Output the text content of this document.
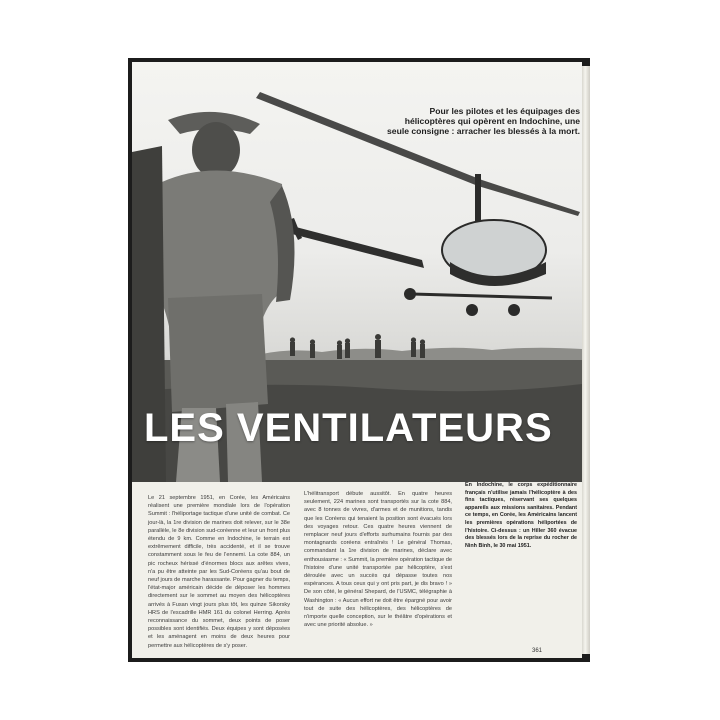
Pour les pilotes et les équipages des hélicoptères qui opèrent en Indochine, une seule consigne : arracher les blessés à la mort.
LES VENTILATEURS

Le 21 septembre 1951, en Corée, les Américains réalisent une première mondiale lors de l'opération Summit : l'héliportage tactique d'une unité de combat. Ce jour-là, la 1re division de marines doit relever, sur le 38e parallèle, le 8e division sud-coréenne et leur un front plus étendu de 9 km. Comme en Indochine, le terrain est extrêmement difficile, très accidenté, et il se trouve constamment sous le feu de l'ennemi. La cote 884, un pic rocheux hérissé d'énormes blocs aux arêtes vives, n'a pu être atteinte par les Sud-Coréens qu'au bout de neuf jours de marche harassante. Pour gagner du temps, l'état-major américain décide de déposer les hommes directement sur le sommet au moyen des hélicoptères arrivés à Fusan vingt jours plus tôt, les quinze Sikorsky HRS de l'escadrille HMR 161 du colonel Herring. Après reconnaissance du sommet, deux points de poser possibles sont identifiés. Deux équipes y sont déposées et les aménagent en moins de deux heures pour permettre aux hélicoptères de s'y poser.

L'hélitransport débute aussitôt. En quatre heures seulement, 224 marines sont transportés sur la cote 884, avec 8 tonnes de vivres, d'armes et de munitions, tandis que les Coréens qui tenaient la position sont évacués lors des voyages retour. Ces quatre heures viennent de remplacer neuf jours d'efforts surhumains fournis par des montagnards coréens entraînés ! Le général Thomas, commandant la 1re division de marines, déclare avec enthousiasme : « Summit, la première opération tactique de l'histoire d'une unité transportée par hélicoptère, s'est déroulée avec un succès qui dépasse toutes nos espérances. A tous ceux qui y ont pris part, je dis bravo ! » De son côté, le général Shepard, de l'USMC, télégraphie à Washington : « Aucun effort ne doit être épargné pour avoir tout de suite des hélicoptères, des hélicoptères de n'importe quelle conception, sur le théâtre d'opérations et avec une priorité absolue. »

En Indochine, le corps expéditionnaire français n'utilise jamais l'hélicoptère à des fins tactiques, réservant ses quelques appareils aux missions sanitaires. Pendant ce temps, en Corée, les Américains lancent les premières opérations héliportées de l'histoire. Ci-dessus : un Hiller 360 évacue des blessés lors de la reprise du rocher de Ninh Binh, le 30 mai 1951.

361
